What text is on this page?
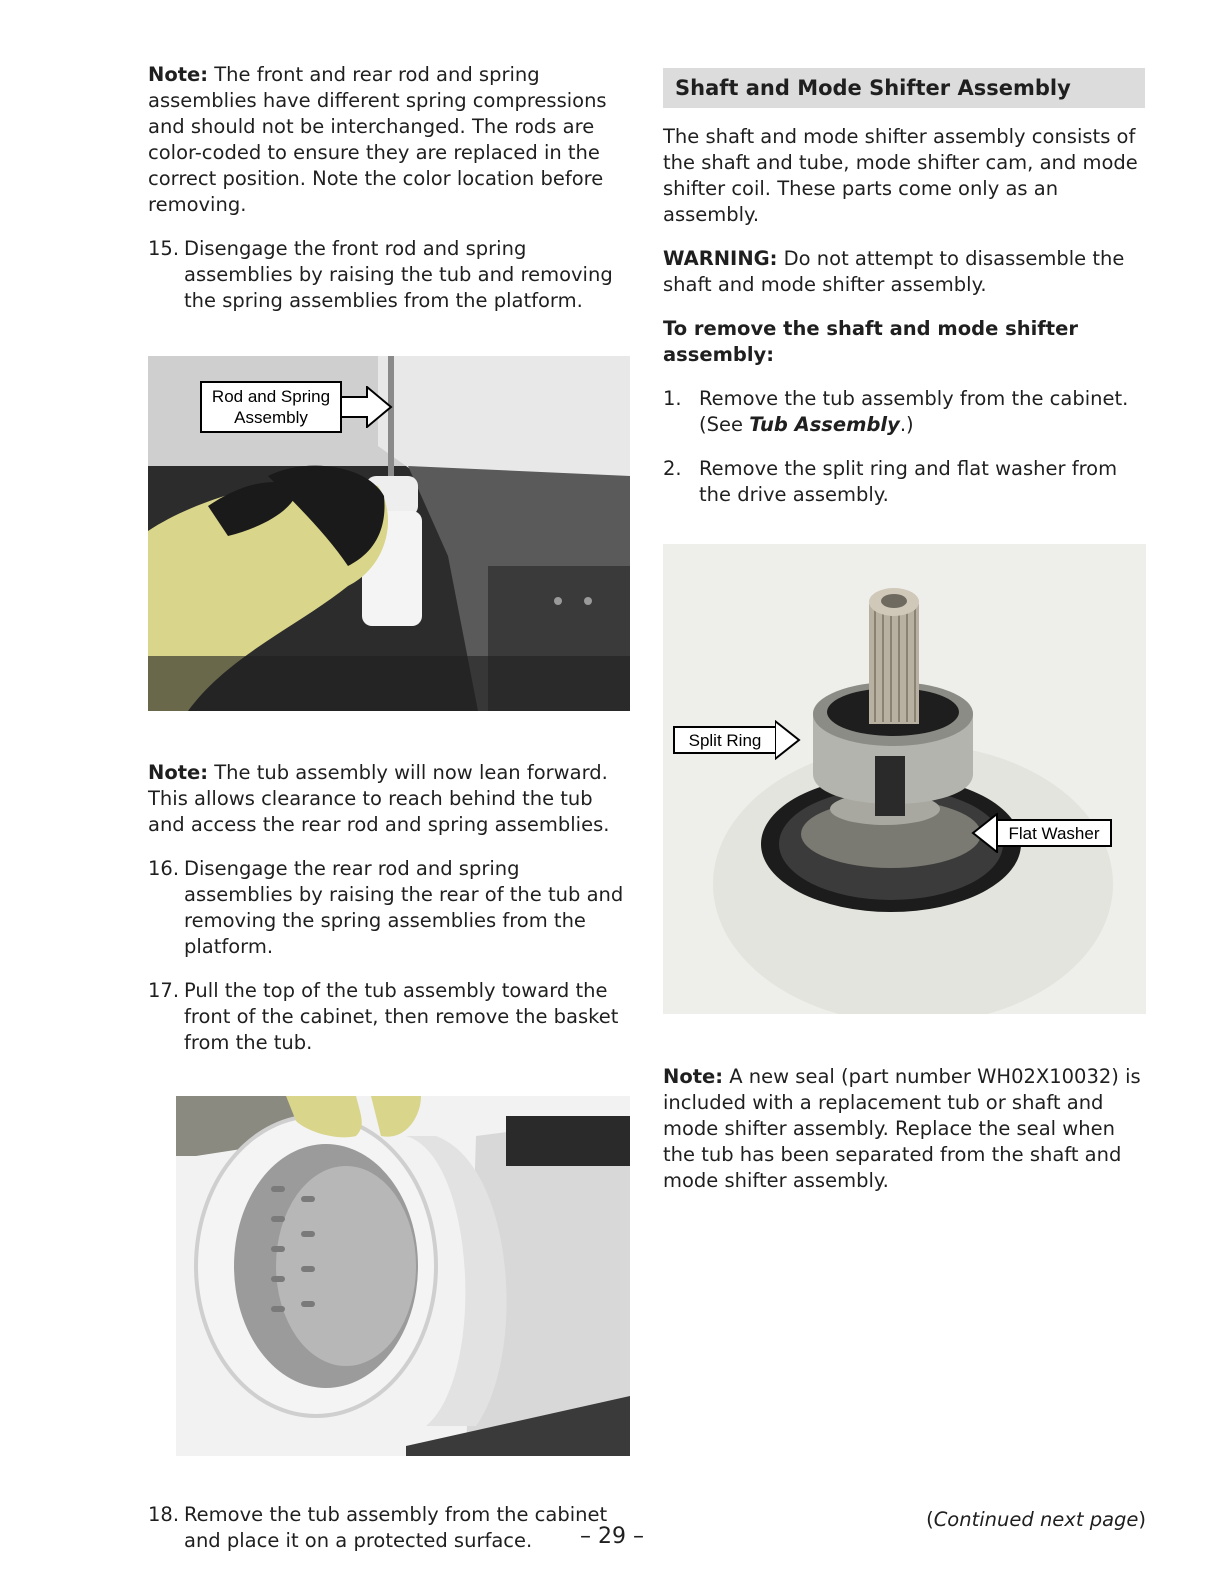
Note: The front and rear rod and spring assemblies have different spring compressions and should not be interchanged. The rods are color-coded to ensure they are replaced in the correct position. Note the color location before removing.

15. Disengage the front rod and spring assemblies by raising the tub and removing the spring assemblies from the platform.
Rod and Spring Assembly

Note: The tub assembly will now lean forward. This allows clearance to reach behind the tub and access the rear rod and spring assemblies.

16. Disengage the rear rod and spring assemblies by raising the rear of the tub and removing the spring assemblies from the platform.
17. Pull the top of the tub assembly toward the front of the cabinet, then remove the basket from the tub.
18. Remove the tub assembly from the cabinet and place it on a protected surface.
Shaft and Mode Shifter Assembly

The shaft and mode shifter assembly consists of the shaft and tube, mode shifter cam, and mode shifter coil. These parts come only as an assembly.

WARNING: Do not attempt to disassemble the shaft and mode shifter assembly.

To remove the shaft and mode shifter assembly:

1. Remove the tub assembly from the cabinet. (See Tub Assembly.)
2. Remove the split ring and flat washer from the drive assembly.
Split Ring
Flat Washer

Note: A new seal (part number WH02X10032) is included with a replacement tub or shaft and mode shifter assembly. Replace the seal when the tub has been separated from the shaft and mode shifter assembly.

(Continued next page)
– 29 –
